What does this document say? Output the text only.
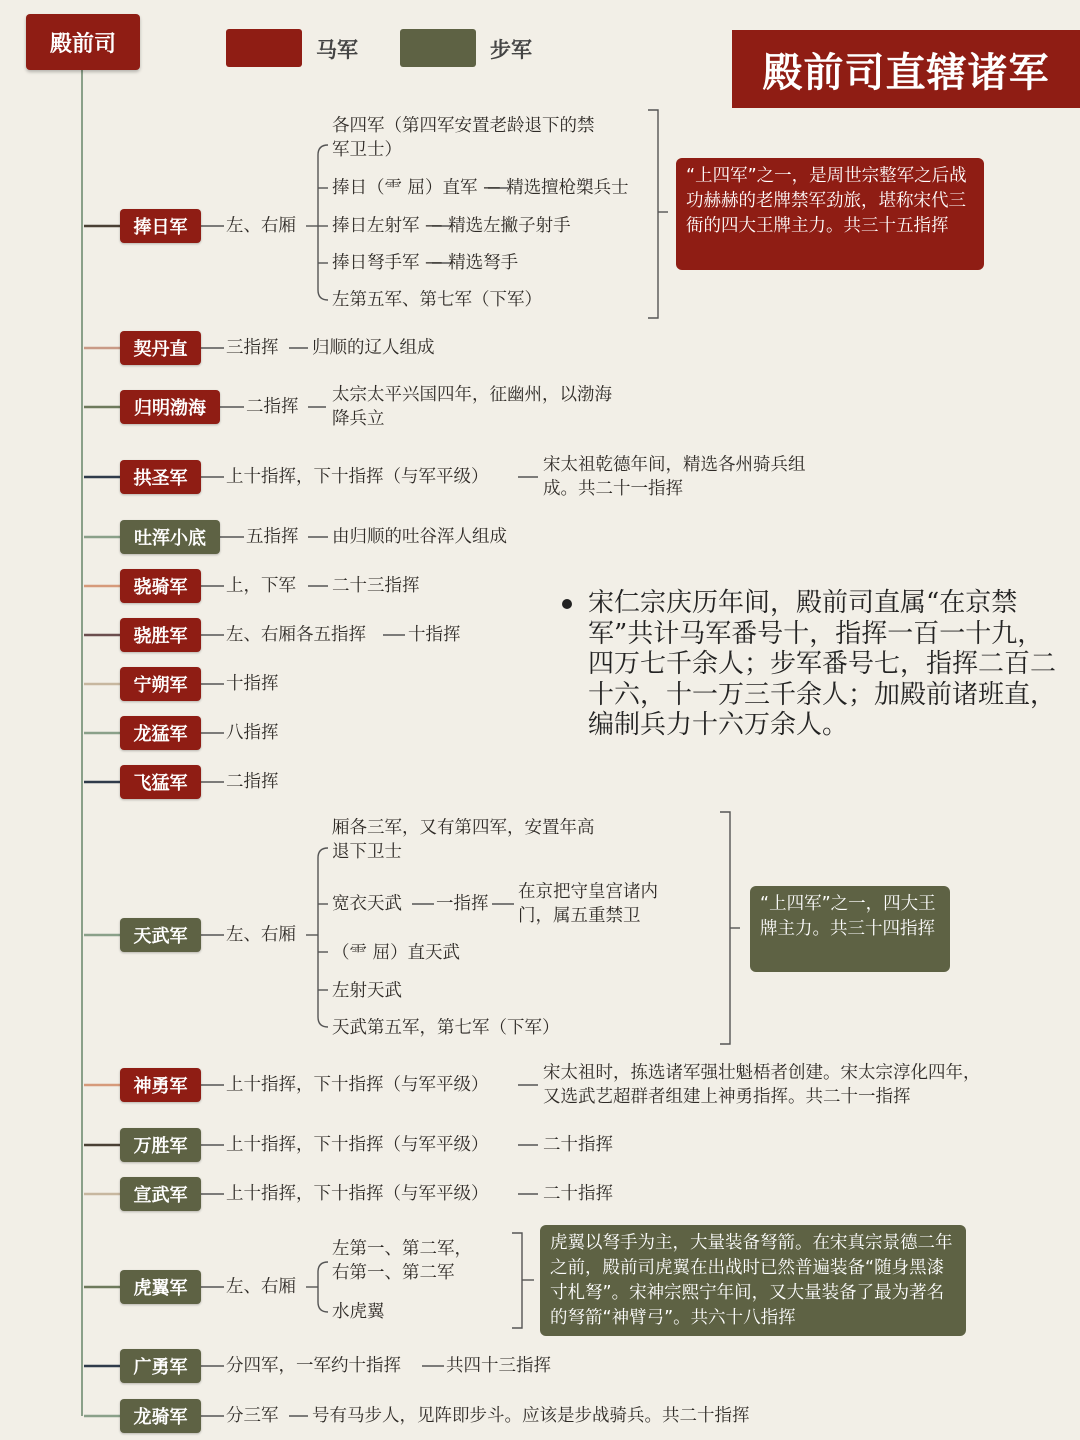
殿前司	马军	步军	殿前司直辖诸军
捧日军	左、右厢
各四军（第四军安置老龄退下的禁
军卫士）
捧日（⻗ 屈）直军 — 精选擅枪槊兵士
捧日左射军 — 精选左撇子射手
捧日弩手军 — 精选弩手
左第五军、第七军（下军）
“上四军”之一，是周世宗整军之后战功赫赫的老牌禁军劲旅，堪称宋代三衙的四大王牌主力。共三十五指挥
契丹直	三指挥 归顺的辽人组成
归明渤海	二指挥
太宗太平兴国四年，征幽州，以渤海降兵立
拱圣军	上十指挥，下十指挥（与军平级）
宋太祖乾德年间，精选各州骑兵组成。共二十一指挥
吐浑小底	五指挥 由归顺的吐谷浑人组成
骁骑军	上，下军 二十三指挥
骁胜军	左、右厢各五指挥 十指挥
宁朔军	十指挥
龙猛军	八指挥
飞猛军	二指挥
宋仁宗庆历年间，殿前司直属“在京禁军”共计马军番号十，指挥一百一十九，四万七千余人；步军番号七，指挥二百二十六，十一万三千余人；加殿前诸班直，编制兵力十六万余人。
天武军	左、右厢
厢各三军，又有第四军，安置年高
退下卫士
宽衣天武 一指挥
在京把守皇宫诸内
门，属五重禁卫
（⻗ 屈）直天武
左射天武
天武第五军，第七军（下军）
“上四军”之一，四大王牌主力。共三十四指挥
神勇军	上十指挥，下十指挥（与军平级）
宋太祖时，拣选诸军强壮魁梧者创建。宋太宗淳化四年，又选武艺超群者组建上神勇指挥。共二十一指挥
万胜军	上十指挥，下十指挥（与军平级）	二十指挥
宣武军	上十指挥，下十指挥（与军平级）	二十指挥
虎翼军	左、右厢
左第一、第二军，
右第一、第二军
水虎翼
虎翼以弩手为主，大量装备弩箭。在宋真宗景德二年之前，殿前司虎翼在出战时已然普遍装备“随身黑漆寸札弩”。宋神宗熙宁年间，又大量装备了最为著名的弩箭“神臂弓”。共六十八指挥
广勇军	分四军，一军约十指挥	共四十三指挥
龙骑军	分三军 号有马步人，见阵即步斗。应该是步战骑兵。共二十指挥
